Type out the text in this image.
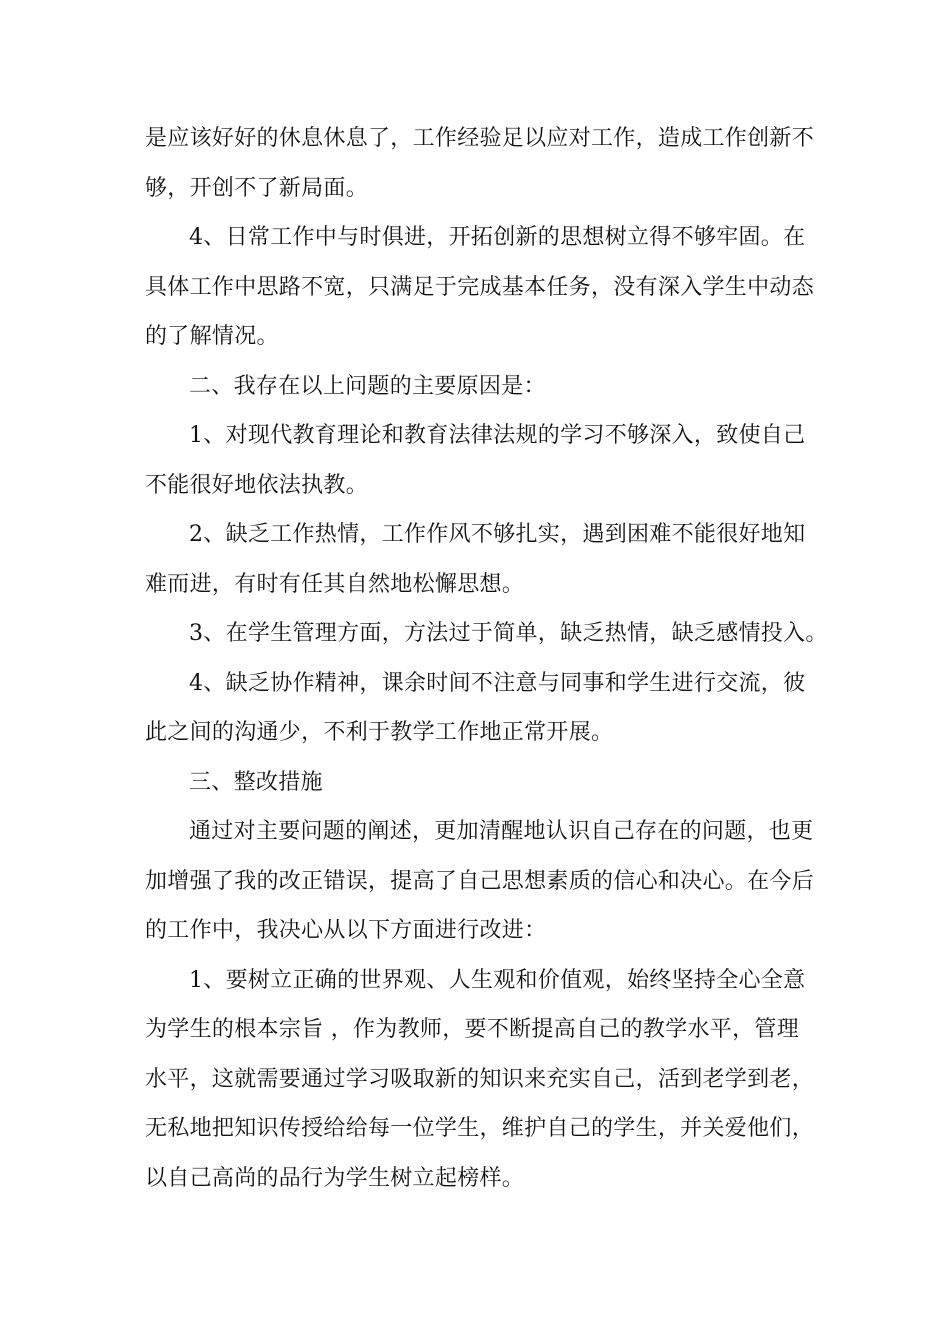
是应该好好的休息休息了，工作经验足以应对工作，造成工作创新不
够，开创不了新局面。
4、日常工作中与时俱进，开拓创新的思想树立得不够牢固。在
具体工作中思路不宽，只满足于完成基本任务，没有深入学生中动态
的了解情况。
二、我存在以上问题的主要原因是：
1、对现代教育理论和教育法律法规的学习不够深入，致使自己
不能很好地依法执教。
2、缺乏工作热情，工作作风不够扎实，遇到困难不能很好地知
难而进，有时有任其自然地松懈思想。
3、在学生管理方面，方法过于简单，缺乏热情，缺乏感情投入。
4、缺乏协作精神，课余时间不注意与同事和学生进行交流，彼
此之间的沟通少，不利于教学工作地正常开展。
三、整改措施
通过对主要问题的阐述，更加清醒地认识自己存在的问题，也更
加增强了我的改正错误，提高了自己思想素质的信心和决心。在今后
的工作中，我决心从以下方面进行改进：
1、要树立正确的世界观、人生观和价值观，始终坚持全心全意
为学生的根本宗旨 ，作为教师，要不断提高自己的教学水平，管理
水平，这就需要通过学习吸取新的知识来充实自己，活到老学到老，
无私地把知识传授给给每一位学生，维护自己的学生，并关爱他们，
以自己高尚的品行为学生树立起榜样。
